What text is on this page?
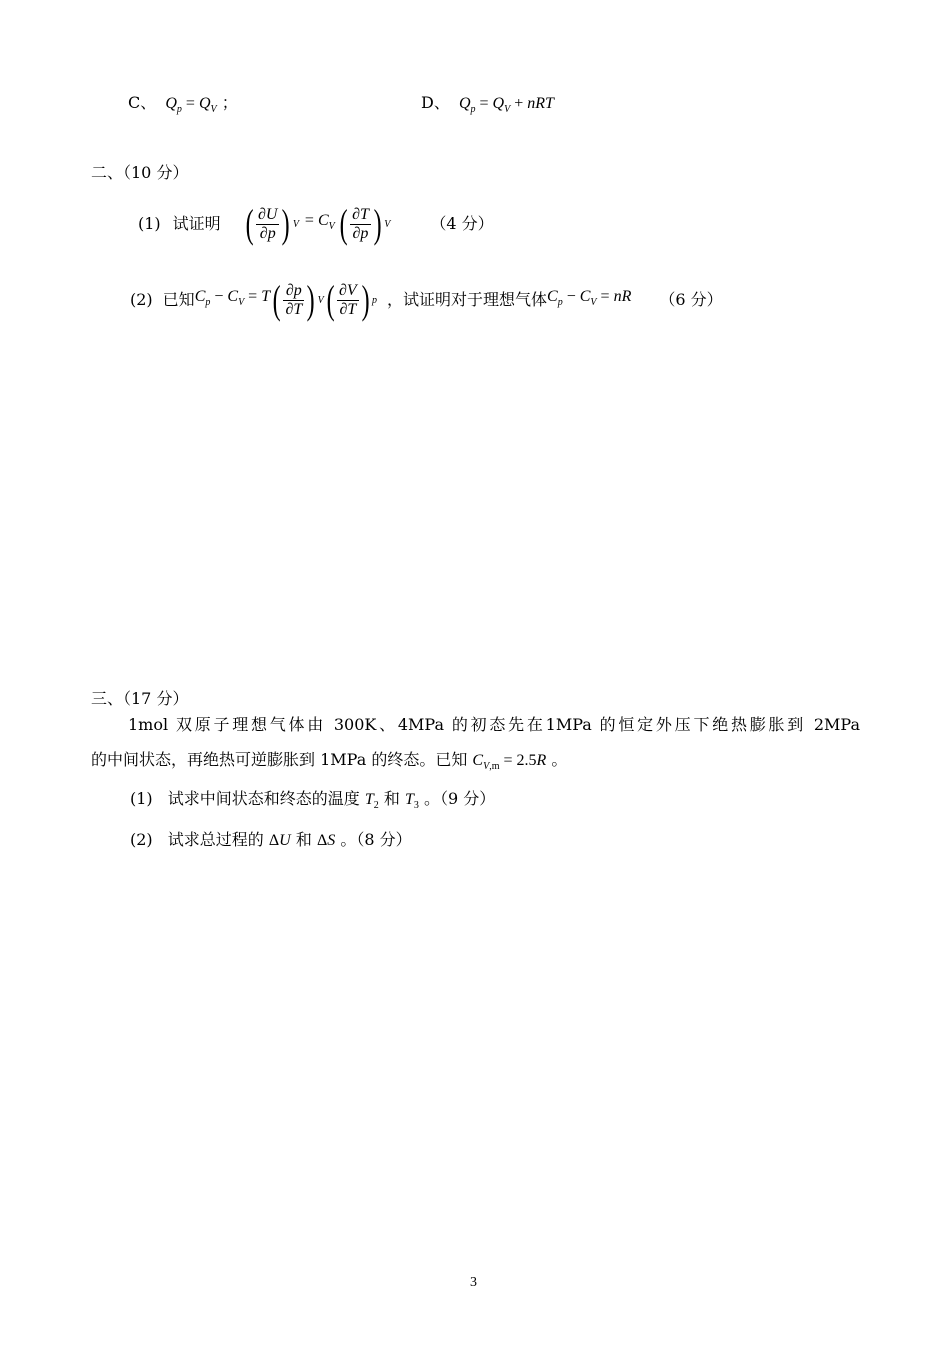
C、  $Q_p = Q_V$ ；	D、  $Q_p = Q_V$ + nRT
二、（10 分）
(1) 试证明 ( $\frac{\partial U}{\partial p}$ ) $V = C_V$ ( $\frac{\partial T}{\partial p}$ ) V	（4 分）
(2) 已知 $C_p - C_V = T$ ( $\frac{\partial p}{\partial T}$ ) V ( $\frac{\partial V}{\partial T}$ ) p ，试证明对于理想气体 $C_p - C_V$ = nR （6 分）
三、（17 分）
1mol 双原子理想气体由 300K、4MPa 的初态先在1MPa 的恒定外压下绝热膨胀到 2MPa
的中间状态，再绝热可逆膨胀到 1MPa 的终态。已知 $C_{V,m} = 2.5R$ 。
(1) 试求中间状态和终态的温度 $T_2$ 和 $T_3$ 。（9 分）
(2) 试求总过程的 ΔU 和 ΔS 。（8 分）
3
